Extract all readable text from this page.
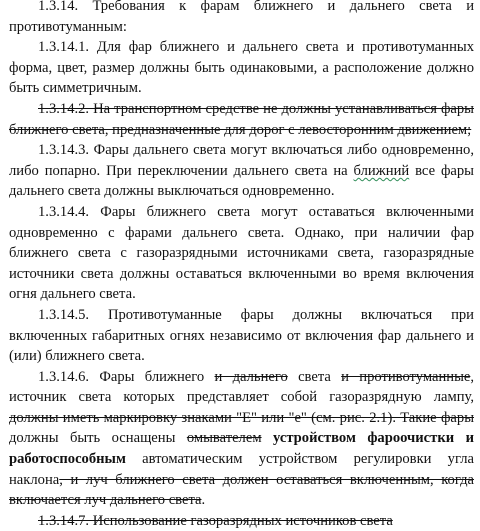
1.3.14. Требования к фарам ближнего и дальнего света и противотуманным:

1.3.14.1. Для фар ближнего и дальнего света и противотуманных форма, цвет, размер должны быть одинаковыми, а расположение должно быть симметричным.

1.3.14.2. На транспортном средстве не должны устанавливаться фары ближнего света, предназначенные для дорог с левосторонним движением;

1.3.14.3. Фары дальнего света могут включаться либо одновременно, либо попарно. При переключении дальнего света на ближний все фары дальнего света должны выключаться одновременно.

1.3.14.4. Фары ближнего света могут оставаться включенными одновременно с фарами дальнего света. Однако, при наличии фар ближнего света с газоразрядными источниками света, газоразрядные источники света должны оставаться включенными во время включения огня дальнего света.

1.3.14.5. Противотуманные фары должны включаться при включенных габаритных огнях независимо от включения фар дальнего и (или) ближнего света.

1.3.14.6. Фары ближнего и дальнего света и противотуманные, источник света которых представляет собой газоразрядную лампу, должны иметь маркировку знаками "Е" или "е" (см. рис. 2.1). Такие фары должны быть оснащены омывателем устройством фароочистки и работоспособным автоматическим устройством регулировки угла наклона, и луч ближнего света должен оставаться включенным, когда включается луч дальнего света.

1.3.14.7. Использование газоразрядных источников света
